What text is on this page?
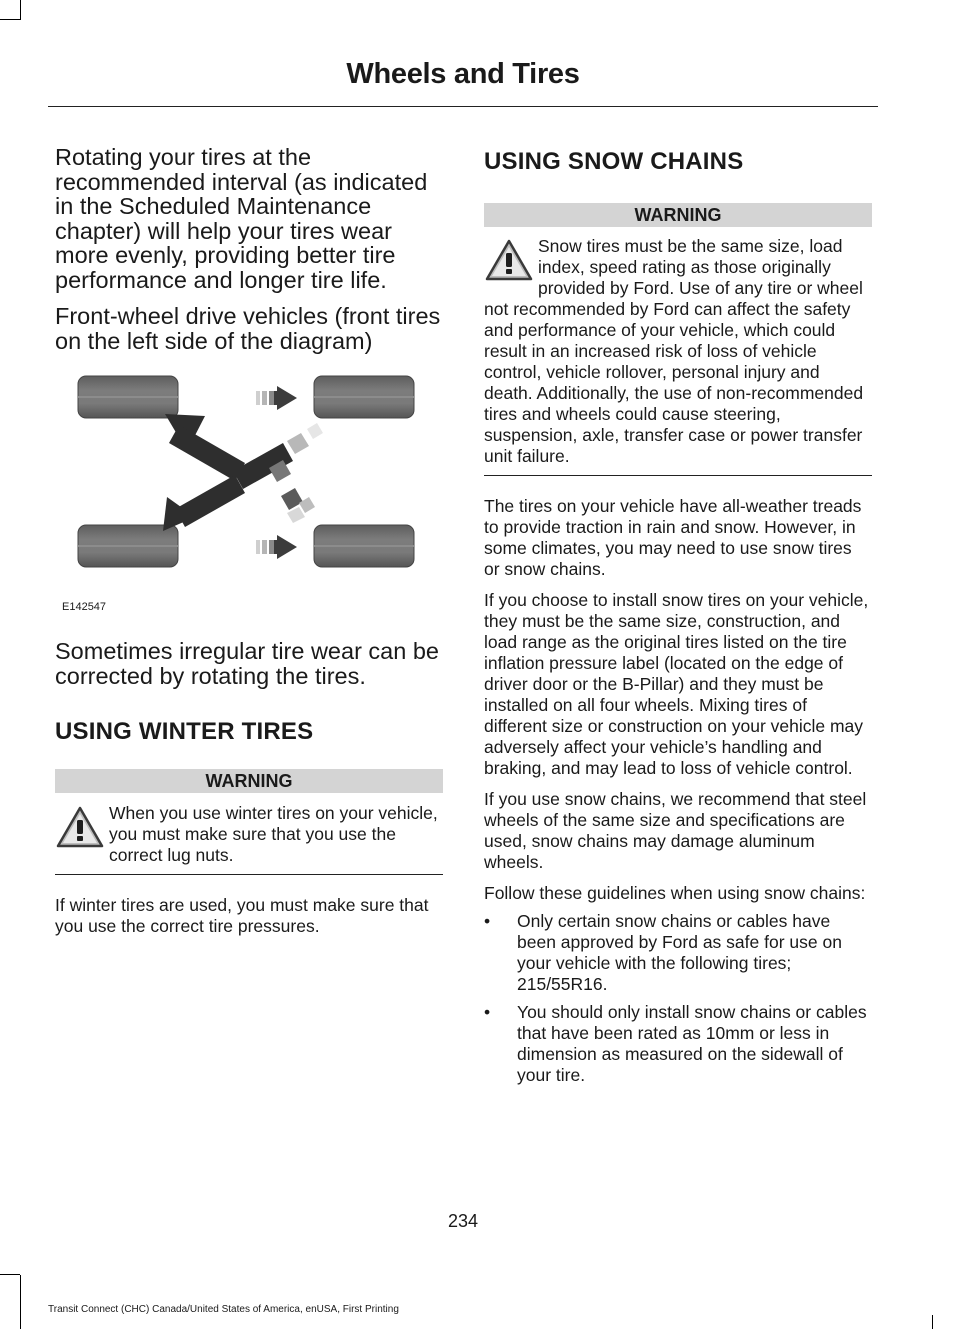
Wheels and Tires

Rotating your tires at the recommended interval (as indicated in the Scheduled Maintenance chapter) will help your tires wear more evenly, providing better tire performance and longer tire life.

Front-wheel drive vehicles (front tires on the left side of the diagram)

E142547

Sometimes irregular tire wear can be corrected by rotating the tires.

USING WINTER TIRES
WARNING

When you use winter tires on your vehicle, you must make sure that you use the correct lug nuts.

If winter tires are used, you must make sure that you use the correct tire pressures.

USING SNOW CHAINS
WARNING

Snow tires must be the same size, load index, speed rating as those originally provided by Ford. Use of any tire or wheel not recommended by Ford can affect the safety and performance of your vehicle, which could result in an increased risk of loss of vehicle control, vehicle rollover, personal injury and death. Additionally, the use of non-recommended tires and wheels could cause steering, suspension, axle, transfer case or power transfer unit failure.

The tires on your vehicle have all-weather treads to provide traction in rain and snow. However, in some climates, you may need to use snow tires or snow chains.

If you choose to install snow tires on your vehicle, they must be the same size, construction, and load range as the original tires listed on the tire inflation pressure label (located on the edge of driver door or the B-Pillar) and they must be installed on all four wheels. Mixing tires of different size or construction on your vehicle may adversely affect your vehicle’s handling and braking, and may lead to loss of vehicle control.

If you use snow chains, we recommend that steel wheels of the same size and specifications are used, snow chains may damage aluminum wheels.

Follow these guidelines when using snow chains:

• Only certain snow chains or cables have been approved by Ford as safe for use on your vehicle with the following tires; 215/55R16.
• You should only install snow chains or cables that have been rated as 10mm or less in dimension as measured on the sidewall of your tire.
234
Transit Connect (CHC) Canada/United States of America, enUSA, First Printing
